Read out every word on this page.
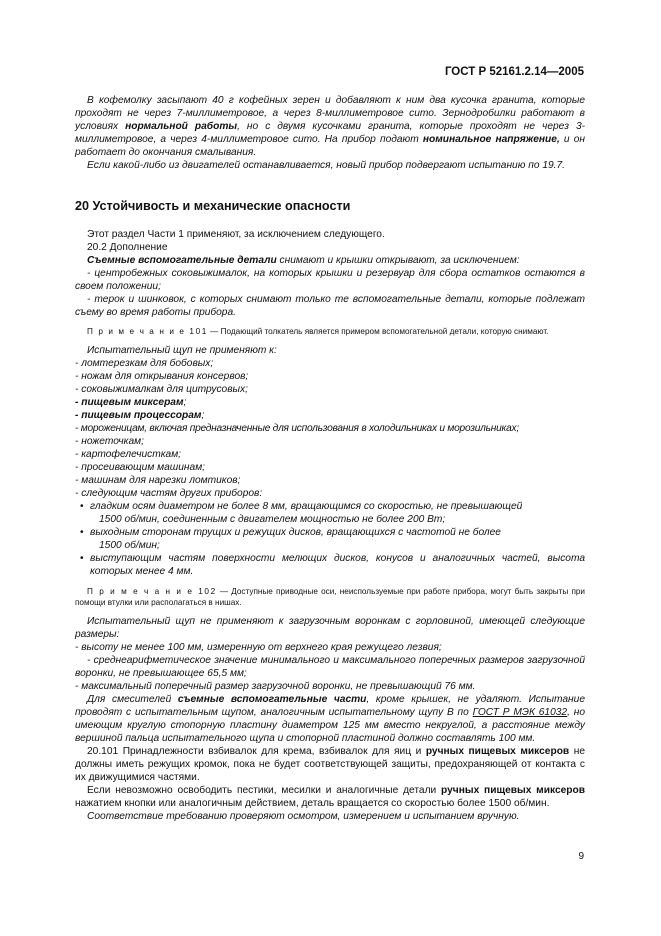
ГОСТ Р 52161.2.14—2005

В кофемолку засыпают 40 г кофейных зерен и добавляют к ним два кусочка гранита, которые проходят не через 7-миллиметровое, а через 8-миллиметровое сито. Зернодробилки работают в условиях нормальной работы, но с двумя кусочками гранита, которые проходят не через 3-миллиметровое, а через 4-миллиметровое сито. На прибор подают номинальное напряжение, и он работает до окончания смалывания.

Если какой-либо из двигателей останавливается, новый прибор подвергают испытанию по 19.7.

20 Устойчивость и механические опасности

Этот раздел Части 1 применяют, за исключением следующего.

20.2 Дополнение

Съемные вспомогательные детали снимают и крышки открывают, за исключением:

- центробежных соковыжималок, на которых крышки и резервуар для сбора остатков остаются в своем положении;

- терок и шинковок, с которых снимают только те вспомогательные детали, которые подлежат съему во время работы прибора.

П р и м е ч а н и е 101 — Подающий толкатель является примером вспомогательной детали, которую снимают.

Испытательный щуп не применяют к:

- ломтерезкам для бобовых;

- ножам для открывания консервов;

- соковыжималкам для цитрусовых;

- пищевым миксерам;

- пищевым процессорам;

- мороженицам, включая предназначенные для использования в холодильниках и морозильниках;

- ножеточкам;

- картофелечисткам;

- просеивающим машинам;

- машинам для нарезки ломтиков;

- следующим частям других приборов:

• гладким осям диаметром не более 8 мм, вращающимся со скоростью, не превышающей

1500 об/мин, соединенным с двигателем мощностью не более 200 Вт;
• выходным сторонам трущих и режущих дисков, вращающихся с частотой не более

1500 об/мин;
• выступающим частям поверхности мелющих дисков, конусов и аналогичных частей, высота которых менее 4 мм.

П р и м е ч а н и е 102 — Доступные приводные оси, неиспользуемые при работе прибора, могут быть закрыты при помощи втулки или располагаться в нишах.

Испытательный щуп не применяют к загрузочным воронкам с горловиной, имеющей следующие размеры:

- высоту не менее 100 мм, измеренную от верхнего края режущего лезвия;

- среднеарифметическое значение минимального и максимального поперечных размеров загрузочной воронки, не превышающее 65,5 мм;

- максимальный поперечный размер загрузочной воронки, не превышающий 76 мм.

Для смесителей съемные вспомогательные части, кроме крышек, не удаляют. Испытание проводят с испытательным щупом, аналогичным испытательному щупу В по ГОСТ Р МЭК 61032, но имеющим круглую стопорную пластину диаметром 125 мм вместо некруглой, а расстояние между вершиной пальца испытательного щупа и стопорной пластиной должно составлять 100 мм.

20.101 Принадлежности взбивалок для крема, взбивалок для яиц и ручных пищевых миксеров не должны иметь режущих кромок, пока не будет соответствующей защиты, предохраняющей от контакта с их движущимися частями.

Если невозможно освободить пестики, месилки и аналогичные детали ручных пищевых миксеров нажатием кнопки или аналогичным действием, деталь вращается со скоростью более 1500 об/мин.

Соответствие требованию проверяют осмотром, измерением и испытанием вручную.

9
